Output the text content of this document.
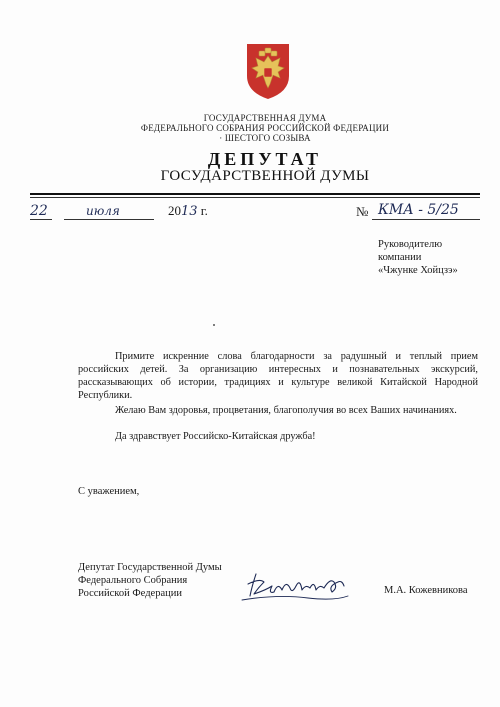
ГОСУДАРСТВЕННАЯ ДУМА
ФЕДЕРАЛЬНОГО СОБРАНИЯ РОССИЙСКОЙ ФЕДЕРАЦИИ
· ШЕСТОГО СОЗЫВА
ДЕПУТАТ
ГОСУДАРСТВЕННОЙ ДУМЫ
22	июля	2013 г.	№ КМА - 5/25
Руководителю
компании
«Чжунке Хойцзэ»
Примите искренние слова благодарности за радушный и теплый прием российских детей. За организацию интересных и познавательных экскурсий, рассказывающих об истории, традициях и культуре великой Китайской Народной Республики.
Желаю Вам здоровья, процветания, благополучия во всех Ваших начинаниях.
Да здравствует Российско-Китайская дружба!
С уважением,
Депутат Государственной Думы
Федерального Собрания
Российской Федерации	М.А. Кожевникова
